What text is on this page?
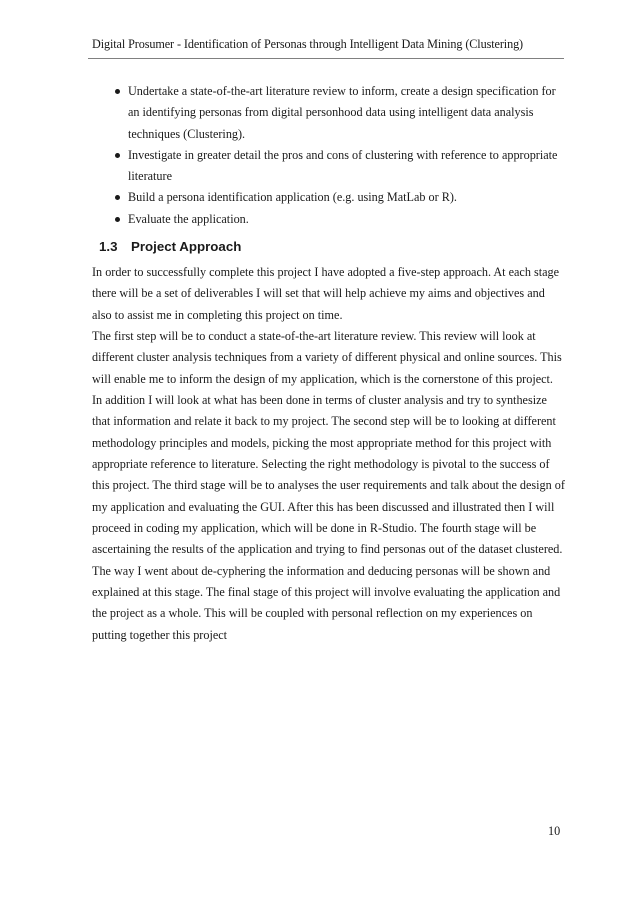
Digital Prosumer - Identification of Personas through Intelligent Data Mining (Clustering)
Undertake a state-of-the-art literature review to inform, create a design specification for an identifying personas from digital personhood data using intelligent data analysis techniques (Clustering).
Investigate in greater detail the pros and cons of clustering with reference to appropriate literature
Build a persona identification application (e.g. using MatLab or R).
Evaluate the application.
1.3 Project Approach

In order to successfully complete this project I have adopted a five-step approach. At each stage there will be a set of deliverables I will set that will help achieve my aims and objectives and also to assist me in completing this project on time.

The first step will be to conduct a state-of-the-art literature review. This review will look at different cluster analysis techniques from a variety of different physical and online sources. This will enable me to inform the design of my application, which is the cornerstone of this project. In addition I will look at what has been done in terms of cluster analysis and try to synthesize that information and relate it back to my project. The second step will be to looking at different methodology principles and models, picking the most appropriate method for this project with appropriate reference to literature. Selecting the right methodology is pivotal to the success of this project. The third stage will be to analyses the user requirements and talk about the design of my application and evaluating the GUI. After this has been discussed and illustrated then I will proceed in coding my application, which will be done in R-Studio. The fourth stage will be ascertaining the results of the application and trying to find personas out of the dataset clustered. The way I went about de-cyphering the information and deducing personas will be shown and explained at this stage. The final stage of this project will involve evaluating the application and the project as a whole. This will be coupled with personal reflection on my experiences on putting together this project

10
